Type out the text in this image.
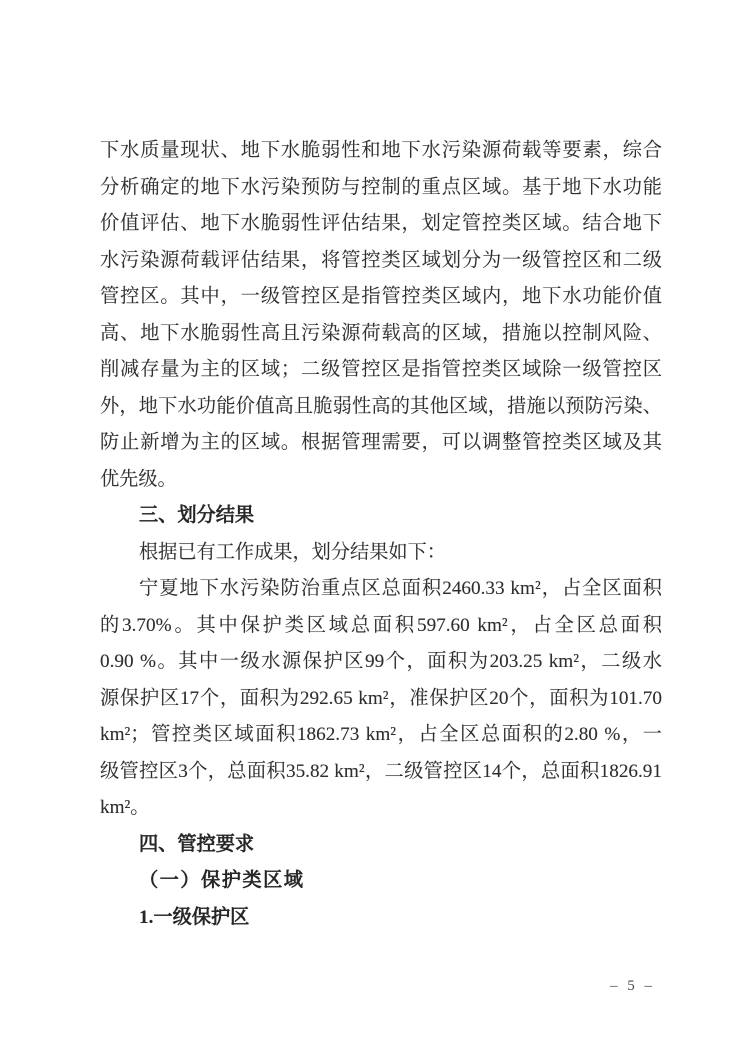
下水质量现状、地下水脆弱性和地下水污染源荷载等要素，综合
分析确定的地下水污染预防与控制的重点区域。基于地下水功能
价值评估、地下水脆弱性评估结果，划定管控类区域。结合地下
水污染源荷载评估结果，将管控类区域划分为一级管控区和二级
管控区。其中，一级管控区是指管控类区域内，地下水功能价值
高、地下水脆弱性高且污染源荷载高的区域，措施以控制风险、
削减存量为主的区域；二级管控区是指管控类区域除一级管控区
外，地下水功能价值高且脆弱性高的其他区域，措施以预防污染、
防止新增为主的区域。根据管理需要，可以调整管控类区域及其
优先级。
三、划分结果
根据已有工作成果，划分结果如下：
宁夏地下水污染防治重点区总面积2460.33 km²，占全区面积
的3.70%。其中保护类区域总面积597.60 km²，占全区总面积
0.90 %。其中一级水源保护区99个，面积为203.25 km²，二级水
源保护区17个，面积为292.65 km²，准保护区20个，面积为101.70
km²；管控类区域面积1862.73 km²，占全区总面积的2.80 %，一
级管控区3个，总面积35.82 km²，二级管控区14个，总面积1826.91
km²。
四、管控要求
（一）保护类区域
1.一级保护区
– 5 –
